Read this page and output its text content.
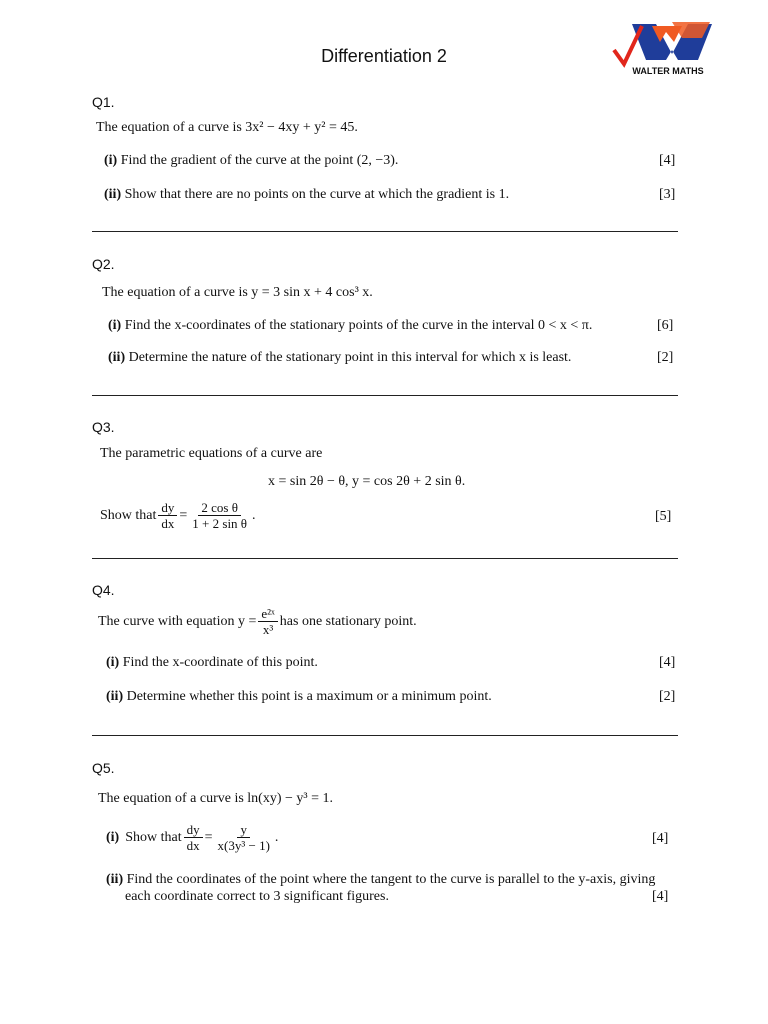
Differentiation 2
WALTER MATHS
Q1.
The equation of a curve is 3x² − 4xy + y² = 45.
(i) Find the gradient of the curve at the point (2, −3).	[4]
(ii) Show that there are no points on the curve at which the gradient is 1.	[3]
Q2.
The equation of a curve is y = 3 sin x + 4 cos³ x.
(i) Find the x-coordinates of the stationary points of the curve in the interval 0 < x < π.	[6]
(ii) Determine the nature of the stationary point in this interval for which x is least.	[2]
Q3.
The parametric equations of a curve are
x = sin 2θ − θ, y = cos 2θ + 2 sin θ.
Show that $\frac{dy}{dx} = \frac{\text{2 cos θ}}{\text{1 + 2 sin θ}}$ .	[5]
Q4.
The curve with equation $y = \frac{\text{e²ˣ}}{\text{x³}}$ has one stationary point.
(i) Find the x-coordinate of this point.	[4]
(ii) Determine whether this point is a maximum or a minimum point.	[2]
Q5.
The equation of a curve is ln(xy) − y³ = 1.
(i) Show that $\frac{dy}{dx} = \frac{y}{\text{x(3y³ − 1)}}$ .	[4]
(ii) Find the coordinates of the point where the tangent to the curve is parallel to the y-axis, giving
each coordinate correct to 3 significant figures.	[4]
